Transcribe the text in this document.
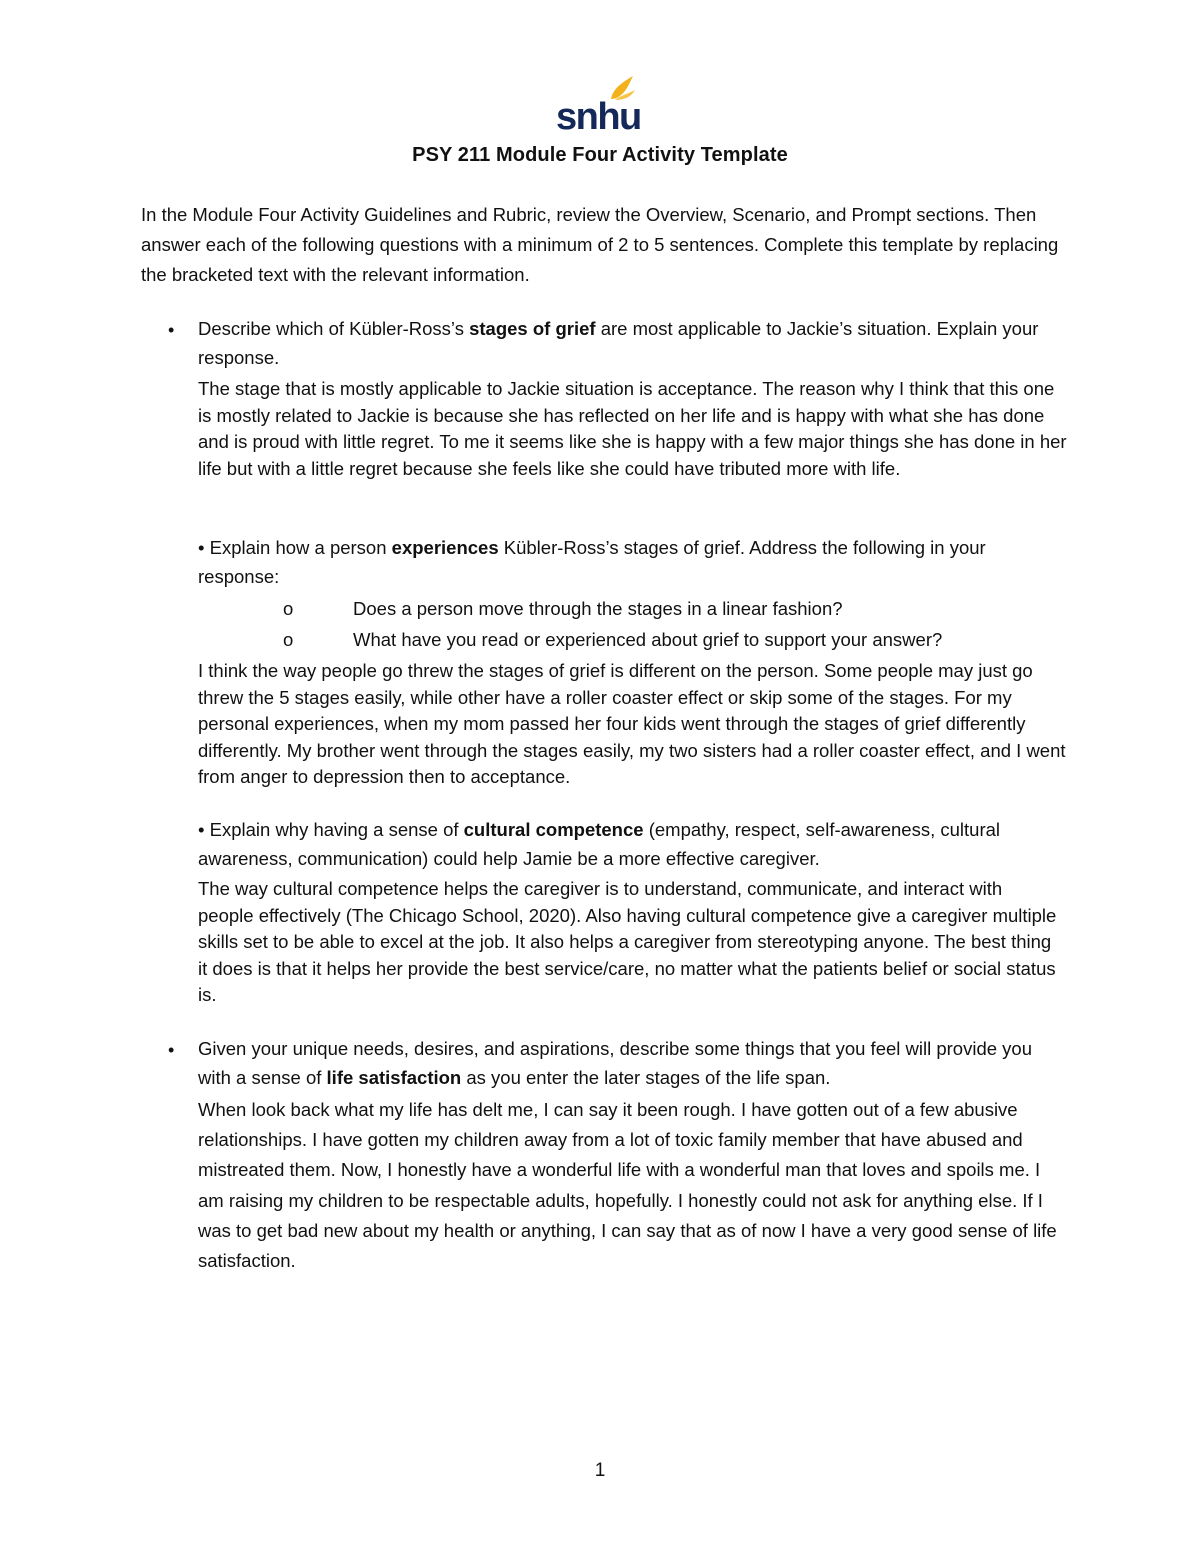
snhu
PSY 211 Module Four Activity Template

In the Module Four Activity Guidelines and Rubric, review the Overview, Scenario, and Prompt sections. Then answer each of the following questions with a minimum of 2 to 5 sentences. Complete this template by replacing the bracketed text with the relevant information.

• Describe which of Kübler-Ross’s stages of grief are most applicable to Jackie’s situation. Explain your response.

The stage that is mostly applicable to Jackie situation is acceptance. The reason why I think that this one is mostly related to Jackie is because she has reflected on her life and is happy with what she has done and is proud with little regret. To me it seems like she is happy with a few major things she has done in her life but with a little regret because she feels like she could have tributed more with life.

• Explain how a person experiences Kübler-Ross’s stages of grief. Address the following in your response:

o	Does a person move through the stages in a linear fashion?
o	What have you read or experienced about grief to support your answer?

I think the way people go threw the stages of grief is different on the person. Some people may just go threw the 5 stages easily, while other have a roller coaster effect or skip some of the stages. For my personal experiences, when my mom passed her four kids went through the stages of grief differently differently. My brother went through the stages easily, my two sisters had a roller coaster effect, and I went from anger to depression then to acceptance.

• Explain why having a sense of cultural competence (empathy, respect, self-awareness, cultural awareness, communication) could help Jamie be a more effective caregiver.

The way cultural competence helps the caregiver is to understand, communicate, and interact with people effectively (The Chicago School, 2020). Also having cultural competence give a caregiver multiple skills set to be able to excel at the job. It also helps a caregiver from stereotyping anyone. The best thing it does is that it helps her provide the best service/care, no matter what the patients belief or social status is.

• Given your unique needs, desires, and aspirations, describe some things that you feel will provide you with a sense of life satisfaction as you enter the later stages of the life span.

When look back what my life has delt me, I can say it been rough. I have gotten out of a few abusive relationships. I have gotten my children away from a lot of toxic family member that have abused and mistreated them. Now, I honestly have a wonderful life with a wonderful man that loves and spoils me. I am raising my children to be respectable adults, hopefully. I honestly could not ask for anything else. If I was to get bad new about my health or anything, I can say that as of now I have a very good sense of life satisfaction.

1
